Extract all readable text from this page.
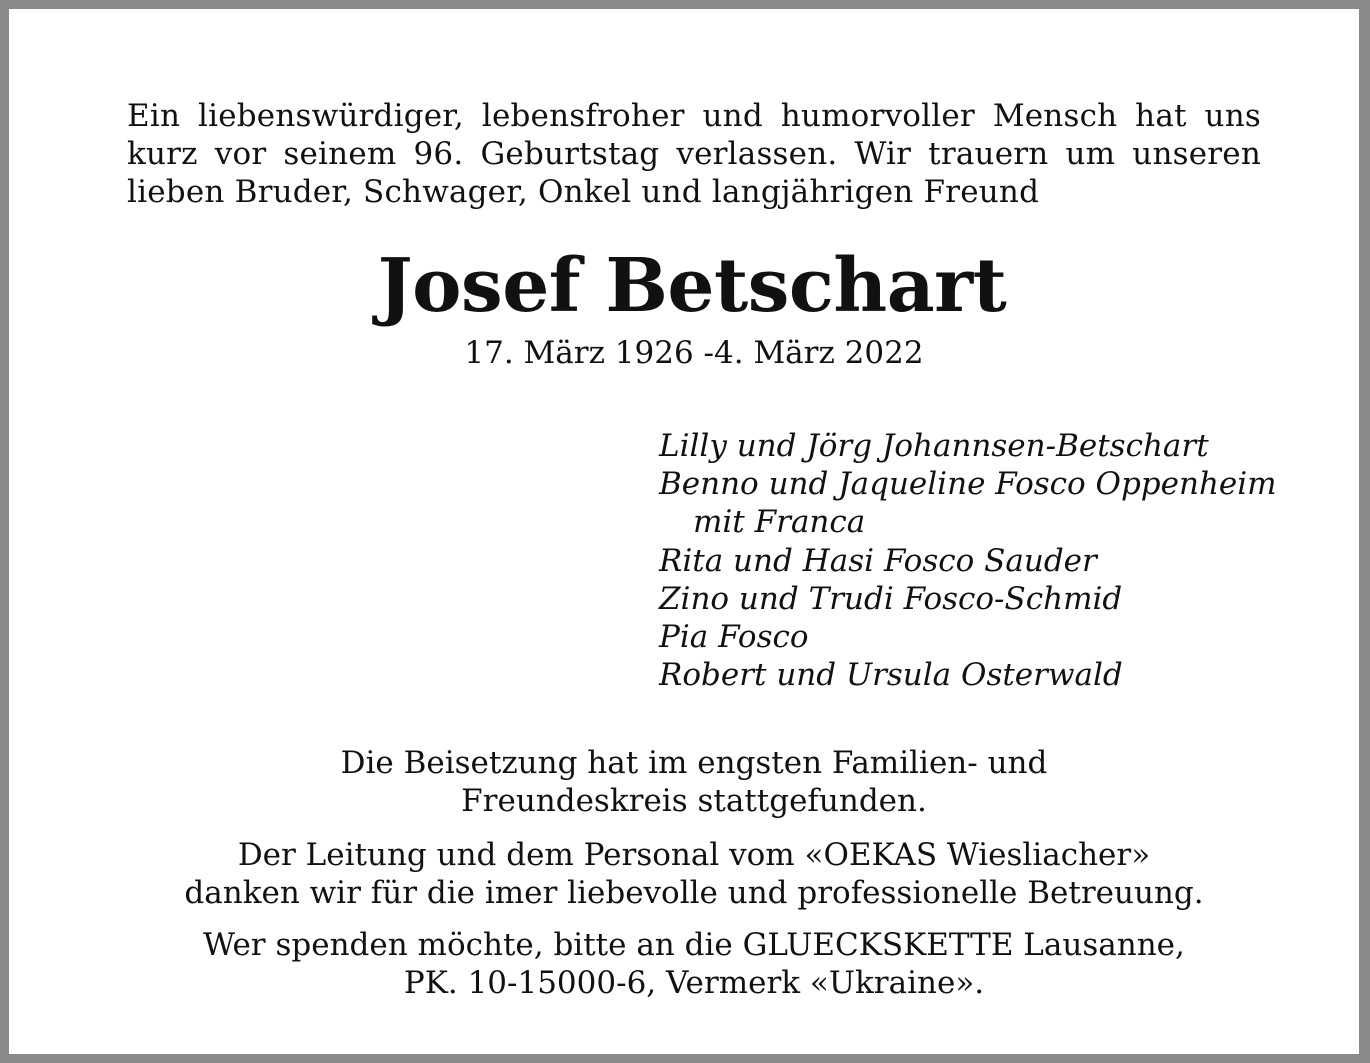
Ein liebenswürdiger, lebensfroher und humorvoller Mensch hat uns kurz vor seinem 96. Geburtstag verlassen. Wir trauern um unseren lieben Bruder, Schwager, Onkel und langjährigen Freund

Josef Betschart

17. März 1926 -4. März 2022

Lilly und Jörg Johannsen-Betschart
Benno und Jaqueline Fosco Oppenheim
mit Franca
Rita und Hasi Fosco Sauder
Zino und Trudi Fosco-Schmid
Pia Fosco
Robert und Ursula Osterwald

Die Beisetzung hat im engsten Familien- und
Freundeskreis stattgefunden.

Der Leitung und dem Personal vom «OEKAS Wiesliacher»
danken wir für die imer liebevolle und professionelle Betreuung.

Wer spenden möchte, bitte an die GLUECKSKETTE Lausanne,
PK. 10-15000-6, Vermerk «Ukraine».
